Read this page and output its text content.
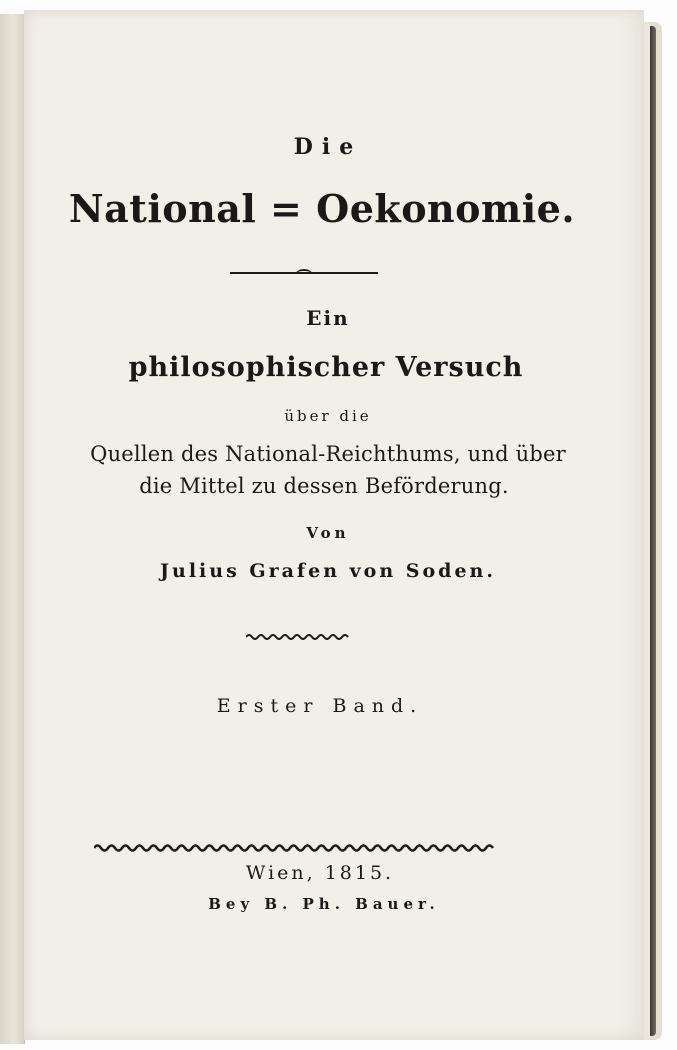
Die
National = Oekonomie.
Ein
philosophischer Versuch
über die
Quellen des National-Reichthums, und über
die Mittel zu dessen Beförderung.
Von
Julius Grafen von Soden.
Erster Band.
Wien, 1815.
Bey B. Ph. Bauer.
